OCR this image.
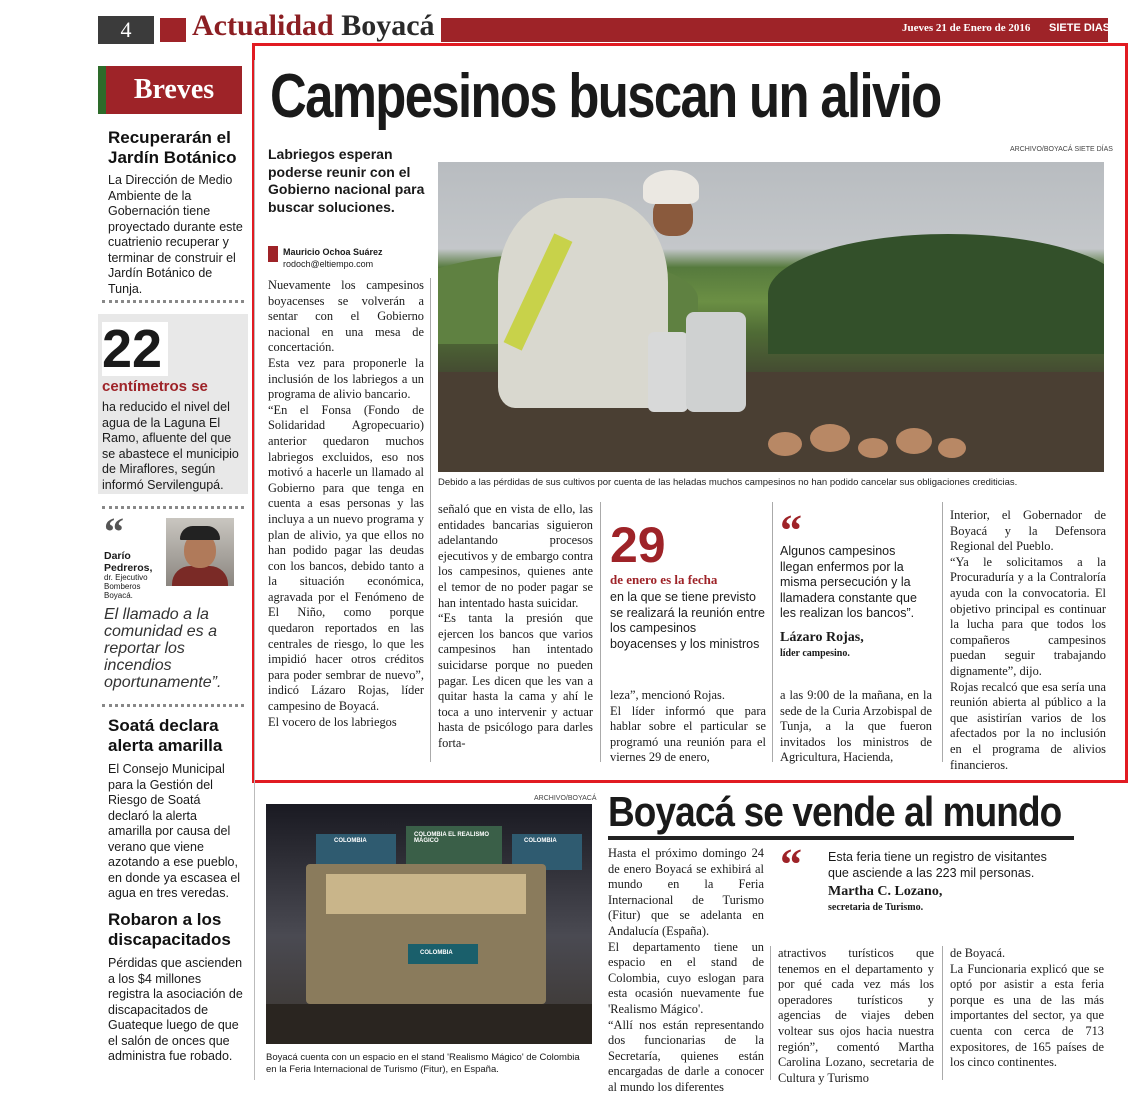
4	Actualidad Boyacá	Jueves 21 de Enero de 2016 SIETE DIAS
Breves
Recuperarán el Jardín Botánico
La Dirección de Medio Ambiente de la Gobernación tiene proyectado durante este cuatrienio recuperar y terminar de construir el Jardín Botánico de Tunja.
22
centímetros se
ha reducido el nivel del agua de la Laguna El Ramo, afluente del que se abastece el municipio de Miraflores, según informó Servilengupá.
“
Darío Pedreros,
dr. Ejecutivo Bomberos Boyacá.
El llamado a la comunidad es a reportar los incendios oportunamente”.
Soatá declara alerta amarilla
El Consejo Municipal para la Gestión del Riesgo de Soatá declaró la alerta amarilla por causa del verano que viene azotando a ese pueblo, en donde ya escasea el agua en tres veredas.
Robaron a los discapacitados
Pérdidas que ascienden a los $4 millones registra la asociación de discapacitados de Guateque luego de que el salón de onces que administra fue robado.
Campesinos buscan un alivio
Labriegos esperan poderse reunir con el Gobierno nacional para buscar soluciones.
Mauricio Ochoa Suárez
rodoch@eltiempo.com
ARCHIVO/BOYACÁ SIETE DÍAS
Debido a las pérdidas de sus cultivos por cuenta de las heladas muchos campesinos no han podido cancelar sus obligaciones crediticias.
Nuevamente los campesinos boyacenses se volverán a sentar con el Gobierno nacional en una mesa de concertación.
Esta vez para proponerle la inclusión de los labriegos a un programa de alivio bancario.
“En el Fonsa (Fondo de Solidaridad Agropecuario) anterior quedaron muchos labriegos excluidos, eso nos motivó a hacerle un llamado al Gobierno para que tenga en cuenta a esas personas y las incluya a un nuevo programa y plan de alivio, ya que ellos no han podido pagar las deudas con los bancos, debido tanto a la situación económica, agravada por el Fenómeno de El Niño, como porque quedaron reportados en las centrales de riesgo, lo que les impidió hacer otros créditos para poder sembrar de nuevo”, indicó Lázaro Rojas, líder campesino de Boyacá.
El vocero de los labriegos
señaló que en vista de ello, las entidades bancarias siguieron adelantando procesos ejecutivos y de embargo contra los campesinos, quienes ante el temor de no poder pagar se han intentado hasta suicidar.
“Es tanta la presión que ejercen los bancos que varios campesinos han intentado suicidarse porque no pueden pagar. Les dicen que les van a quitar hasta la cama y ahí le toca a uno intervenir y actuar hasta de psicólogo para darles forta-
29
de enero es la fecha
en la que se tiene previsto se realizará la reunión entre los campesinos boyacenses y los ministros
leza”, mencionó Rojas.
El líder informó que para hablar sobre el particular se programó una reunión para el viernes 29 de enero,
“
Algunos campesinos llegan enfermos por la misma persecución y la llamadera constante que les realizan los bancos”.
Lázaro Rojas,
líder campesino.
a las 9:00 de la mañana, en la sede de la Curia Arzobispal de Tunja, a la que fueron invitados los ministros de Agricultura, Hacienda,
Interior, el Gobernador de Boyacá y la Defensora Regional del Pueblo.
“Ya le solicitamos a la Procuraduría y a la Contraloría ayuda con la convocatoria. El objetivo principal es continuar la lucha para que todos los compañeros campesinos puedan seguir trabajando dignamente”, dijo.
Rojas recalcó que esa sería una reunión abierta al público a la que asistirían varios de los afectados por la no inclusión en el programa de alivios financieros.
ARCHIVO/BOYACÁ
COLOMBIA
COLOMBIA EL REALISMO MÁGICO	COLOMBIA
COLOMBIA
Boyacá cuenta con un espacio en el stand 'Realismo Mágico' de Colombia en la Feria Internacional de Turismo (Fitur), en España.
Boyacá se vende al mundo
Hasta el próximo domingo 24 de enero Boyacá se exhibirá al mundo en la Feria Internacional de Turismo (Fitur) que se adelanta en Andalucía (España).
El departamento tiene un espacio en el stand de Colombia, cuyo eslogan para esta ocasión nuevamente fue 'Realismo Mágico'.
“Allí nos están representando dos funcionarias de la Secretaría, quienes están encargadas de darle a conocer al mundo los diferentes
“ Esta feria tiene un registro de visitantes que asciende a las 223 mil personas.
Martha C. Lozano,
secretaria de Turismo.
atractivos turísticos que tenemos en el departamento y por qué cada vez más los operadores turísticos y agencias de viajes deben voltear sus ojos hacia nuestra región”, comentó Martha Carolina Lozano, secretaria de Cultura y Turismo
de Boyacá.
La Funcionaria explicó que se optó por asistir a esta feria porque es una de las más importantes del sector, ya que cuenta con cerca de 713 expositores, de 165 países de los cinco continentes.
